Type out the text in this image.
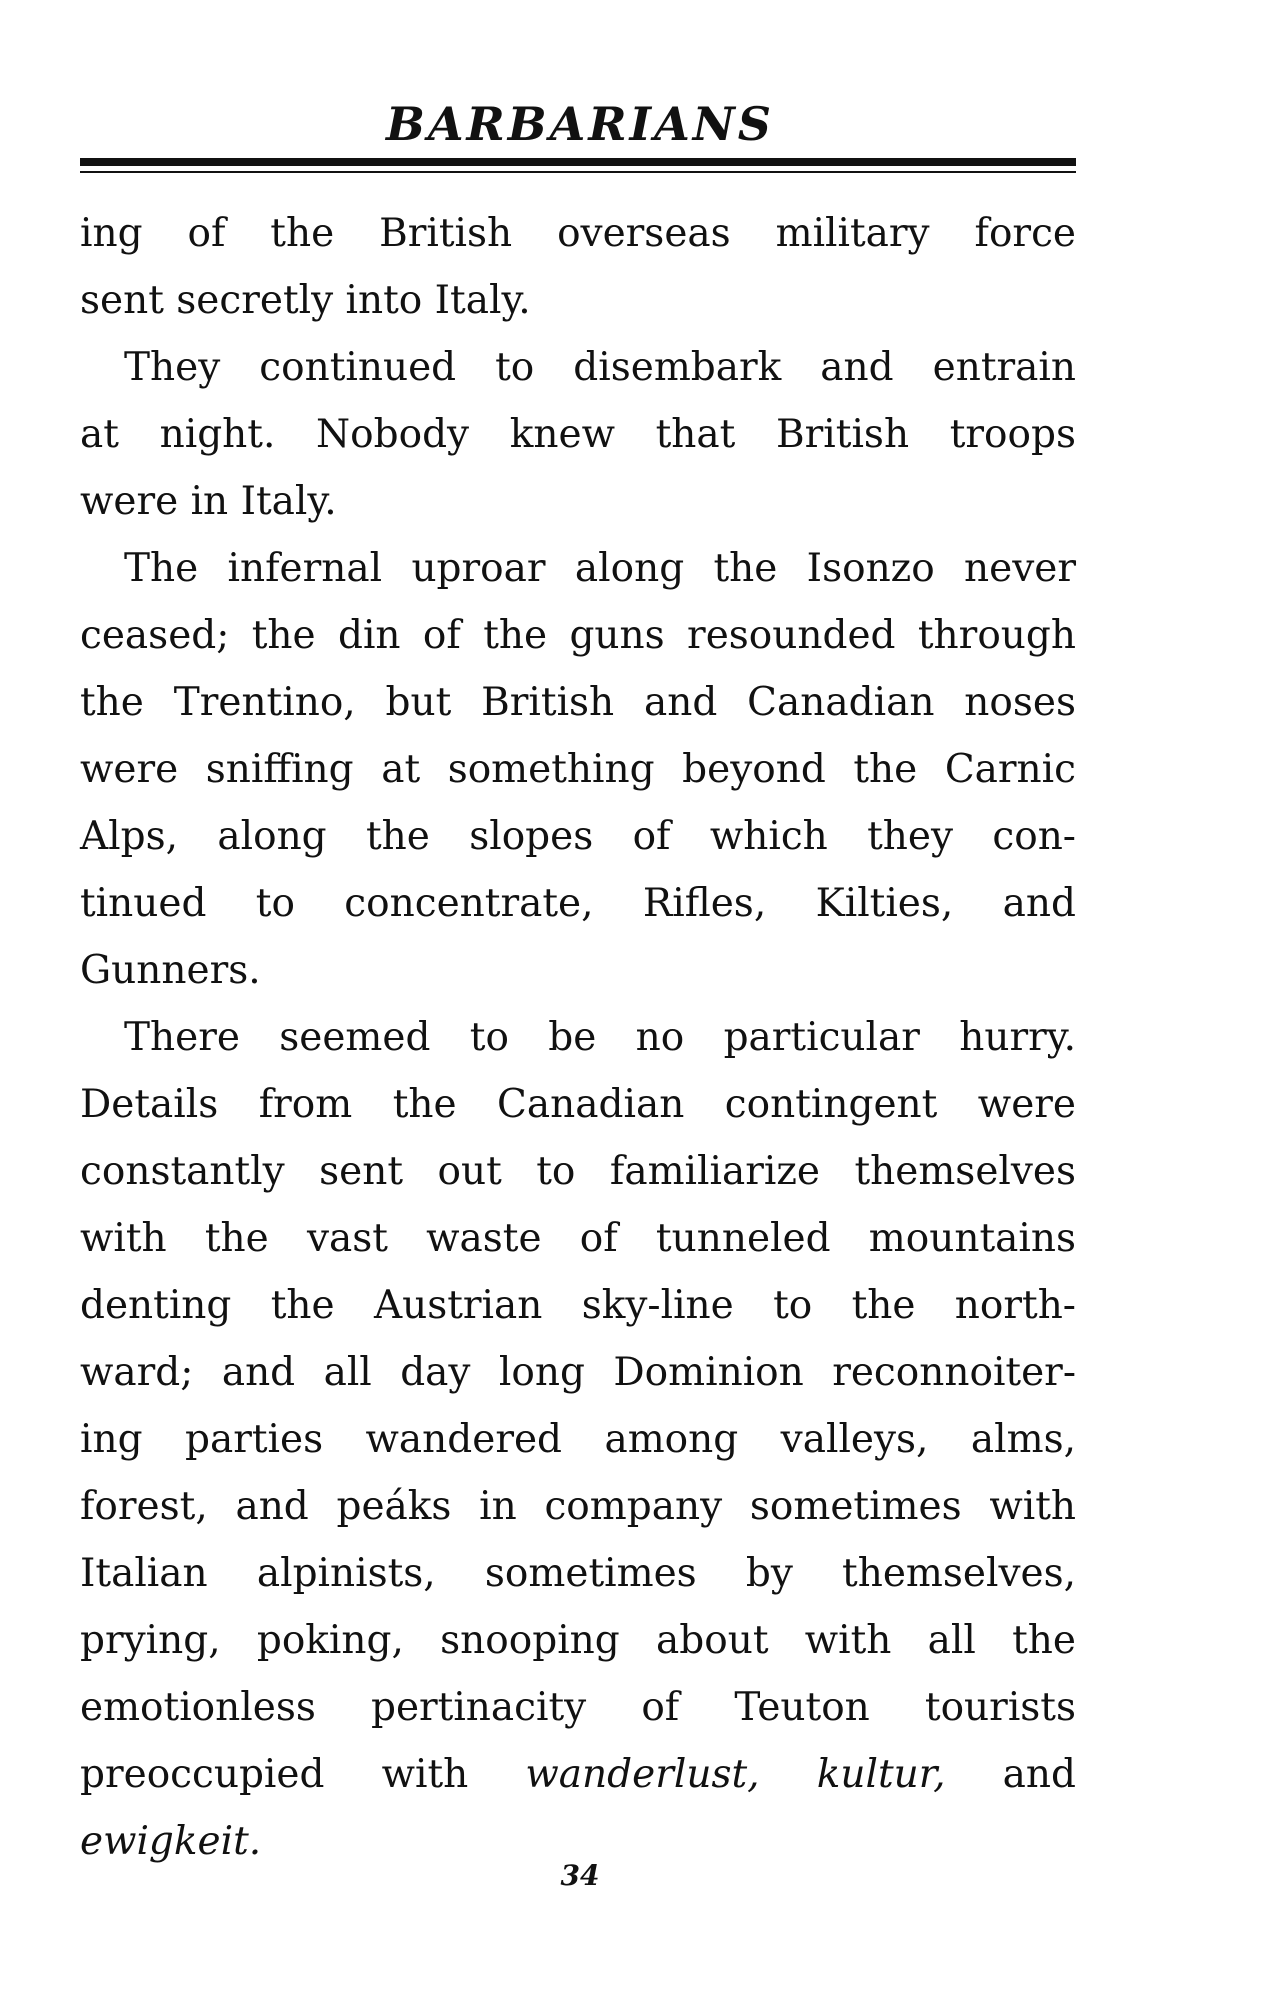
BARBARIANS
ing of the British overseas military force
sent secretly into Italy.
They continued to disembark and entrain
at night. Nobody knew that British troops
were in Italy.
The infernal uproar along the Isonzo never
ceased; the din of the guns resounded through
the Trentino, but British and Canadian noses
were sniffing at something beyond the Carnic
Alps, along the slopes of which they con-
tinued to concentrate, Rifles, Kilties, and
Gunners.
There seemed to be no particular hurry.
Details from the Canadian contingent were
constantly sent out to familiarize themselves
with the vast waste of tunneled mountains
denting the Austrian sky-line to the north-
ward; and all day long Dominion reconnoiter-
ing parties wandered among valleys, alms,
forest, and peáks in company sometimes with
Italian alpinists, sometimes by themselves,
prying, poking, snooping about with all the
emotionless pertinacity of Teuton tourists
preoccupied with wanderlust, kultur, and
ewigkeit.
34
